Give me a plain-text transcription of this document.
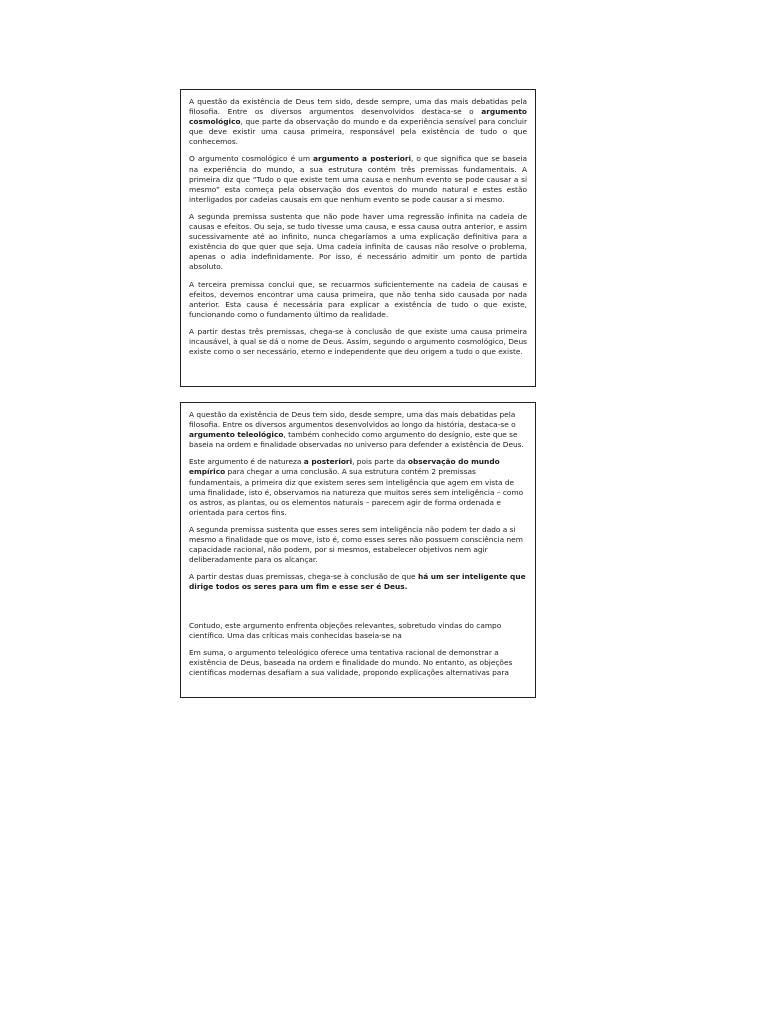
A questão da existência de Deus tem sido, desde sempre, uma das mais debatidas pela filosofia. Entre os diversos argumentos desenvolvidos destaca-se o argumento cosmológico, que parte da observação do mundo e da experiência sensível para concluir que deve existir uma causa primeira, responsável pela existência de tudo o que conhecemos.

O argumento cosmológico é um argumento a posteriori, o que significa que se baseia na experiência do mundo, a sua estrutura contém três premissas fundamentais. A primeira diz que “Tudo o que existe tem uma causa e nenhum evento se pode causar a si mesmo” esta começa pela observação dos eventos do mundo natural e estes estão interligados por cadeias causais em que nenhum evento se pode causar a si mesmo.

A segunda premissa sustenta que não pode haver uma regressão infinita na cadeia de causas e efeitos. Ou seja, se tudo tivesse uma causa, e essa causa outra anterior, e assim sucessivamente até ao infinito, nunca chegaríamos a uma explicação definitiva para a existência do que quer que seja. Uma cadeia infinita de causas não resolve o problema, apenas o adia indefinidamente. Por isso, é necessário admitir um ponto de partida absoluto.

A terceira premissa conclui que, se recuarmos suficientemente na cadeia de causas e efeitos, devemos encontrar uma causa primeira, que não tenha sido causada por nada anterior. Esta causa é necessária para explicar a existência de tudo o que existe, funcionando como o fundamento último da realidade.

A partir destas três premissas, chega-se à conclusão de que existe uma causa primeira incausável, à qual se dá o nome de Deus. Assim, segundo o argumento cosmológico, Deus existe como o ser necessário, eterno e independente que deu origem a tudo o que existe.

A questão da existência de Deus tem sido, desde sempre, uma das mais debatidas pela filosofia. Entre os diversos argumentos desenvolvidos ao longo da história, destaca-se o argumento teleológico, também conhecido como argumento do desígnio, este que se baseia na ordem e finalidade observadas no universo para defender a existência de Deus.

Este argumento é de natureza a posteriori, pois parte da observação do mundo empírico para chegar a uma conclusão. A sua estrutura contém 2 premissas fundamentais, a primeira diz que existem seres sem inteligência que agem em vista de uma finalidade, isto é, observamos na natureza que muitos seres sem inteligência – como os astros, as plantas, ou os elementos naturais – parecem agir de forma ordenada e orientada para certos fins.

A segunda premissa sustenta que esses seres sem inteligência não podem ter dado a si mesmo a finalidade que os move, isto é, como esses seres não possuem consciência nem capacidade racional, não podem, por si mesmos, estabelecer objetivos nem agir deliberadamente para os alcançar.

A partir destas duas premissas, chega-se à conclusão de que há um ser inteligente que dirige todos os seres para um fim e esse ser é Deus.

Contudo, este argumento enfrenta objeções relevantes, sobretudo vindas do campo científico. Uma das críticas mais conhecidas baseia-se na

Em suma, o argumento teleológico oferece uma tentativa racional de demonstrar a existência de Deus, baseada na ordem e finalidade do mundo. No entanto, as objeções científicas modernas desafiam a sua validade, propondo explicações alternativas para
